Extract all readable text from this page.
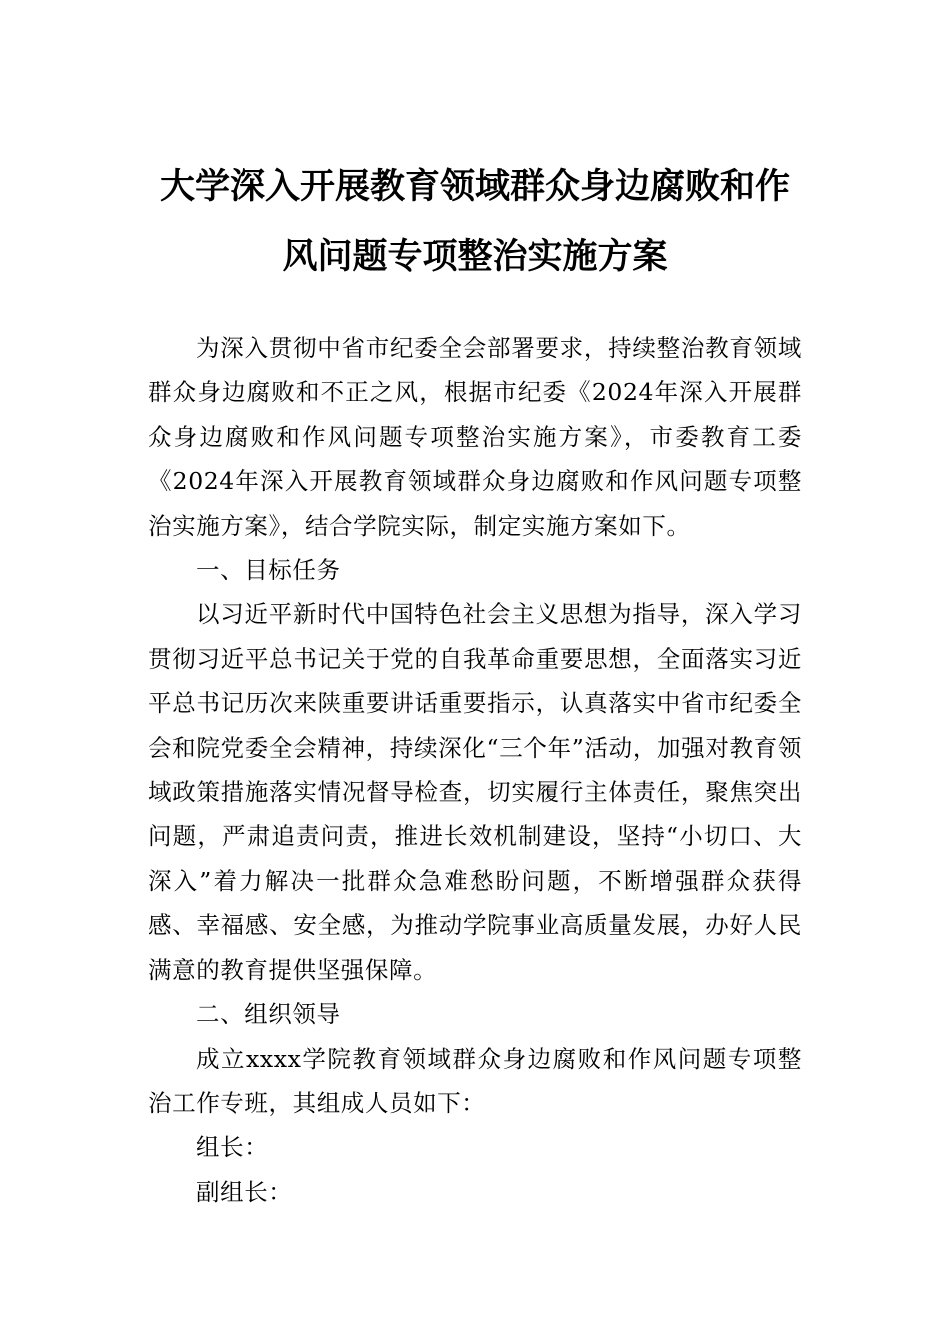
大学深入开展教育领域群众身边腐败和作
风问题专项整治实施方案

为深入贯彻中省市纪委全会部署要求，持续整治教育领域群众身边腐败和不正之风，根据市纪委《2024年深入开展群众身边腐败和作风问题专项整治实施方案》，市委教育工委《2024年深入开展教育领域群众身边腐败和作风问题专项整治实施方案》，结合学院实际，制定实施方案如下。

一、目标任务

以习近平新时代中国特色社会主义思想为指导，深入学习贯彻习近平总书记关于党的自我革命重要思想，全面落实习近平总书记历次来陕重要讲话重要指示，认真落实中省市纪委全会和院党委全会精神，持续深化“三个年”活动，加强对教育领域政策措施落实情况督导检查，切实履行主体责任，聚焦突出问题，严肃追责问责，推进长效机制建设，坚持“小切口、大深入”着力解决一批群众急难愁盼问题，不断增强群众获得感、幸福感、安全感，为推动学院事业高质量发展，办好人民满意的教育提供坚强保障。

二、组织领导

成立xxxx学院教育领域群众身边腐败和作风问题专项整治工作专班，其组成人员如下：

组长：

副组长：
